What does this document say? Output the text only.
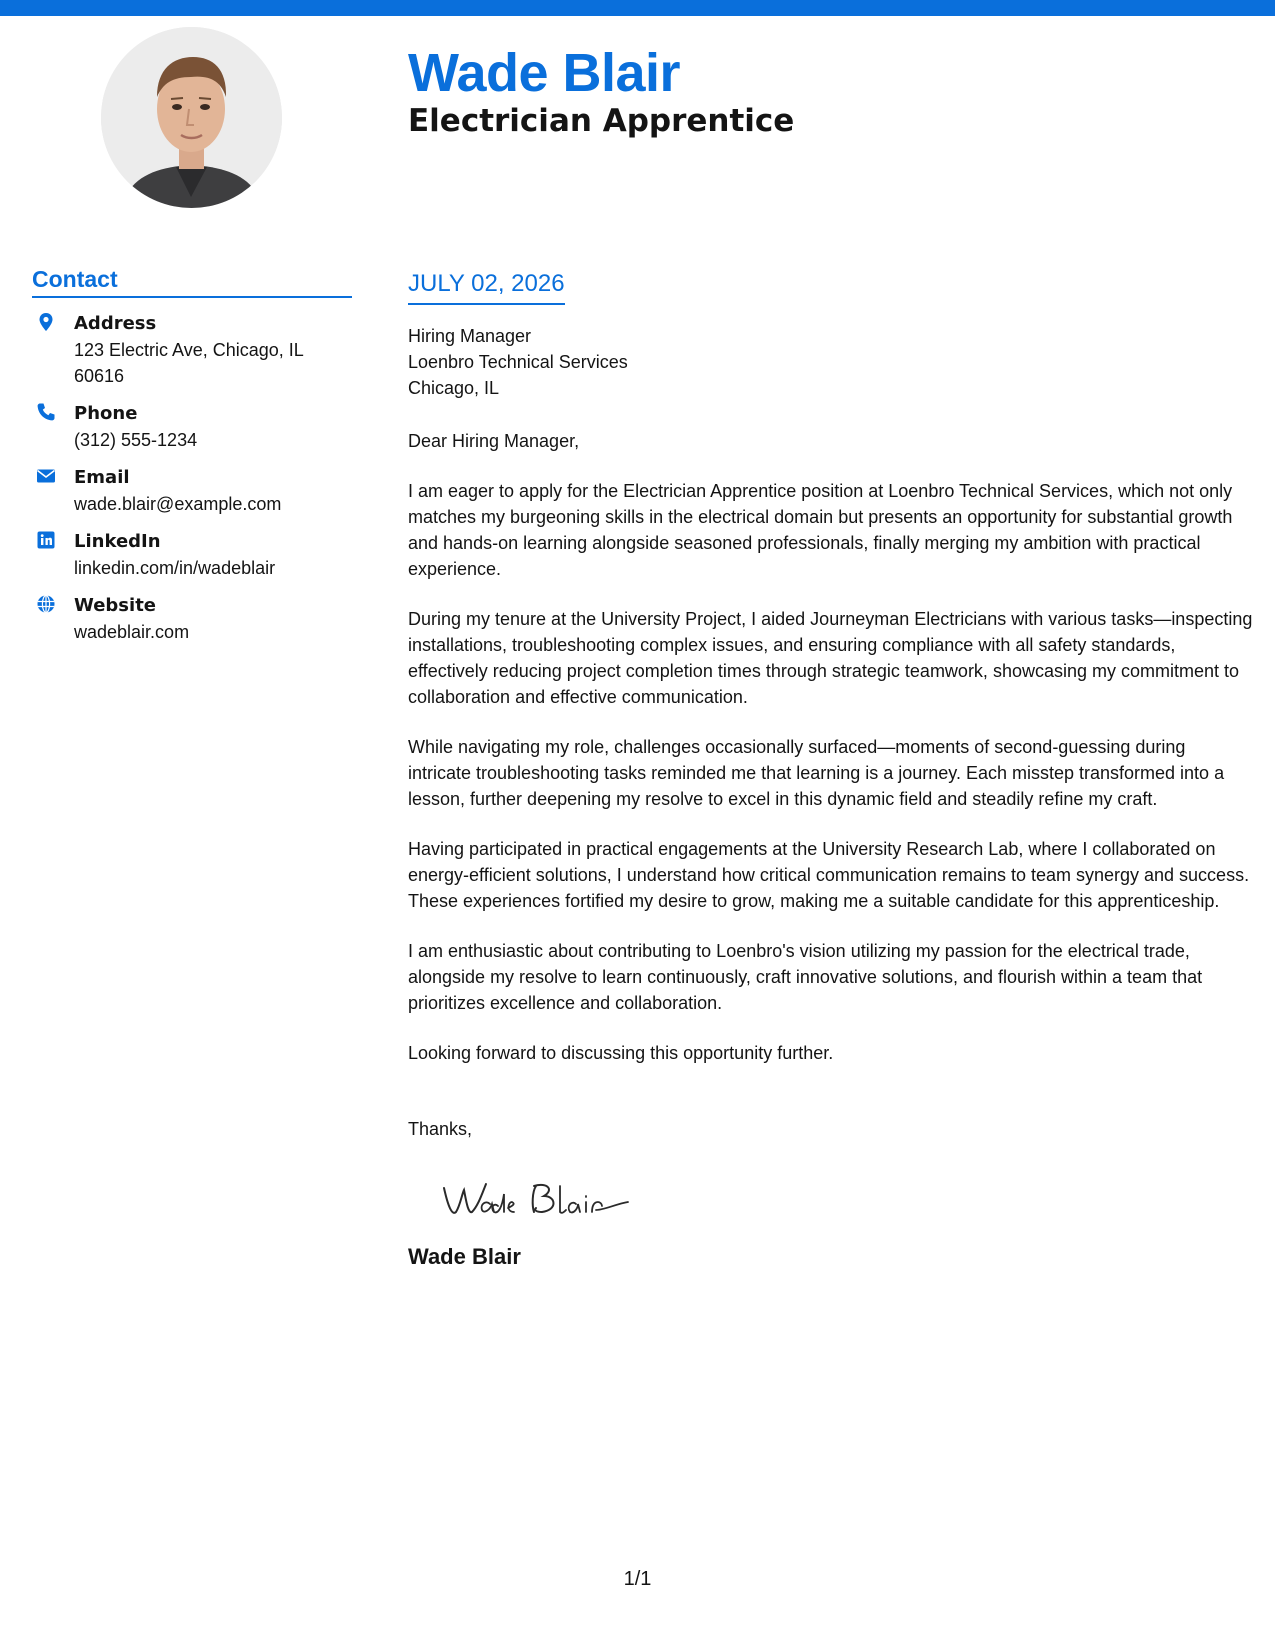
Wade Blair
Electrician Apprentice
Contact
Address
123 Electric Ave, Chicago, IL 60616
Phone
(312) 555-1234
Email
wade.blair@example.com
LinkedIn
linkedin.com/in/wadeblair
Website
wadeblair.com
JULY 02, 2026
Hiring Manager
Loenbro Technical Services
Chicago, IL
Dear Hiring Manager,

I am eager to apply for the Electrician Apprentice position at Loenbro Technical Services, which not only matches my burgeoning skills in the electrical domain but presents an opportunity for substantial growth and hands-on learning alongside seasoned professionals, finally merging my ambition with practical experience.

During my tenure at the University Project, I aided Journeyman Electricians with various tasks—inspecting installations, troubleshooting complex issues, and ensuring compliance with all safety standards, effectively reducing project completion times through strategic teamwork, showcasing my commitment to collaboration and effective communication.

While navigating my role, challenges occasionally surfaced—moments of second-guessing during intricate troubleshooting tasks reminded me that learning is a journey. Each misstep transformed into a lesson, further deepening my resolve to excel in this dynamic field and steadily refine my craft.

Having participated in practical engagements at the University Research Lab, where I collaborated on energy-efficient solutions, I understand how critical communication remains to team synergy and success. These experiences fortified my desire to grow, making me a suitable candidate for this apprenticeship.

I am enthusiastic about contributing to Loenbro's vision utilizing my passion for the electrical trade, alongside my resolve to learn continuously, craft innovative solutions, and flourish within a team that prioritizes excellence and collaboration.

Looking forward to discussing this opportunity further.

Thanks,
Wade Blair
1/1
